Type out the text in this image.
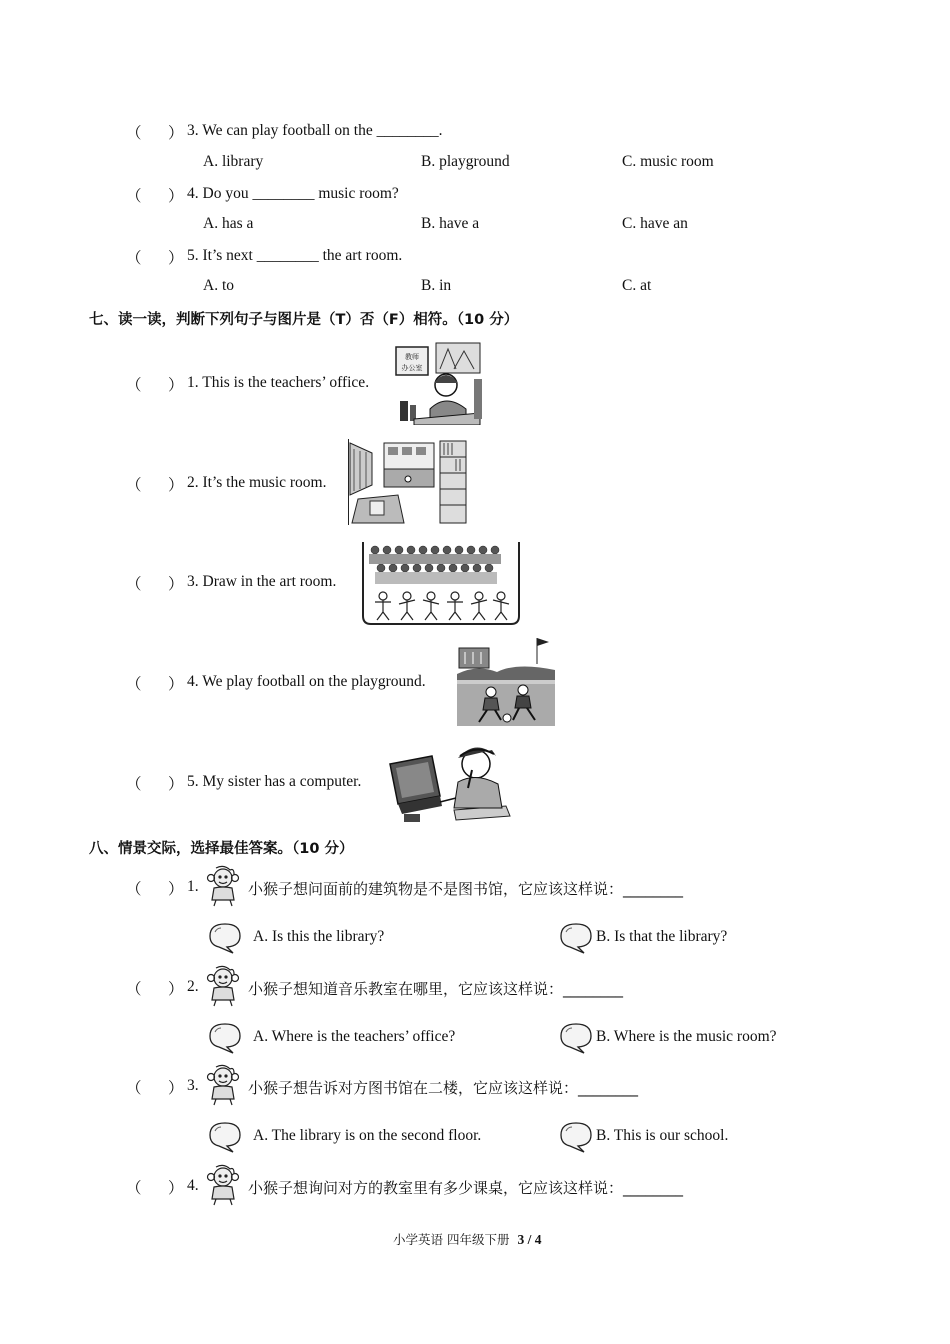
（ ） 3. We can play football on the ________.
A. library	B. playground	C. music room
（ ） 4. Do you ________ music room?
A. has a	B. have a	C. have an
（ ） 5. It’s next ________ the art room.
A. to	B. in	C. at
七、读一读，判断下列句子与图片是（T）否（F）相符。（10 分）
（ ） 1. This is the teachers’ office.
教师
办公室
（ ） 2. It’s the music room.
（ ） 3. Draw in the art room.
（ ） 4. We play football on the playground.
（ ） 5. My sister has a computer.
八、情景交际，选择最佳答案。（10 分）
（ ） 1.	小猴子想问面前的建筑物是不是图书馆，它应该这样说：________
A. Is this the library?	B. Is that the library?
（ ） 2.	小猴子想知道音乐教室在哪里，它应该这样说：________
A. Where is the teachers’ office?	B. Where is the music room?
（ ） 3.	小猴子想告诉对方图书馆在二楼，它应该这样说：________
A. The library is on the second floor.	B. This is our school.
（ ） 4.	小猴子想询问对方的教室里有多少课桌，它应该这样说：________
小学英语 四年级下册 3 / 4
